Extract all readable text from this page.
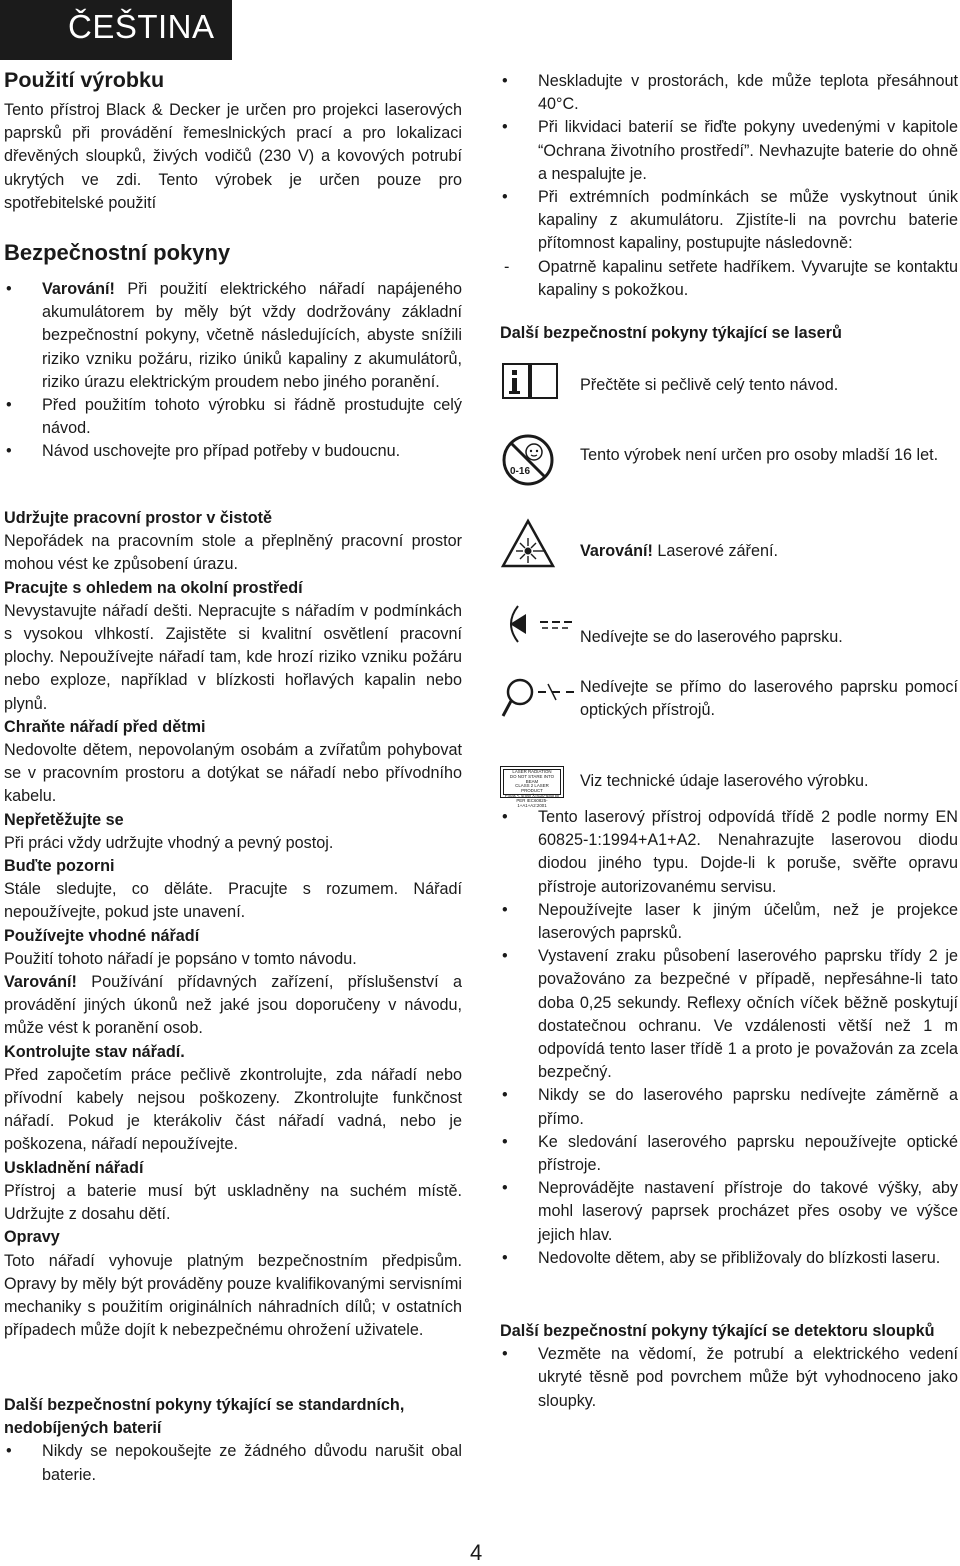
ČEŠTINA
Použití výrobku

Tento přístroj Black & Decker je určen pro projekci laserových paprsků při provádění řemeslnických prací a pro lokalizaci dřevěných sloupků, živých vodičů (230 V) a kovových potrubí ukrytých ve zdi. Tento výrobek je určen pouze pro spotřebitelské použití

Bezpečnostní pokyny
• Varování! Při použití elektrického nářadí napájeného akumulátorem by měly být vždy dodržovány základní bezpečnostní pokyny, včetně následujících, abyste snížili riziko vzniku požáru, riziko úniků kapaliny z akumulátorů, riziko úrazu elektrickým proudem nebo jiného poranění.
• Před použitím tohoto výrobku si řádně prostudujte celý návod.
• Návod uschovejte pro případ potřeby v budoucnu.

Udržujte pracovní prostor v čistotě

Nepořádek na pracovním stole a přeplněný pracovní prostor mohou vést ke způsobení úrazu.

Pracujte s ohledem na okolní prostředí

Nevystavujte nářadí dešti. Nepracujte s nářadím v podmínkách s vysokou vlhkostí. Zajistěte si kvalitní osvětlení pracovní plochy. Nepoužívejte nářadí tam, kde hrozí riziko vzniku požáru nebo exploze, například v blízkosti hořlavých kapalin nebo plynů.

Chraňte nářadí před dětmi

Nedovolte dětem, nepovolaným osobám a zvířatům pohybovat se v pracovním prostoru a dotýkat se nářadí nebo přívodního kabelu.

Nepřetěžujte se

Při práci vždy udržujte vhodný a pevný postoj.

Buďte pozorni

Stále sledujte, co děláte. Pracujte s rozumem. Nářadí nepoužívejte, pokud jste unavení.

Používejte vhodné nářadí

Použití tohoto nářadí je popsáno v tomto návodu.

Varování! Používání přídavných zařízení, příslušenství a provádění jiných úkonů než jaké jsou doporučeny v návodu, může vést k poranění osob.

Kontrolujte stav nářadí.

Před započetím práce pečlivě zkontrolujte, zda nářadí nebo přívodní kabely nejsou poškozeny. Zkontrolujte funkčnost nářadí. Pokud je kterákoliv část nářadí vadná, nebo je poškozena, nářadí nepoužívejte.

Uskladnění nářadí

Přístroj a baterie musí být uskladněny na suchém místě. Udržujte z dosahu dětí.

Opravy

Toto nářadí vyhovuje platným bezpečnostním předpisům. Opravy by měly být prováděny pouze kvalifikovanými servisními mechaniky s použitím originálních náhradních dílů; v ostatních případech může dojít k nebezpečnému ohrožení uživatele.

Další bezpečnostní pokyny týkající se standardních, nedobíjených baterií

• Nikdy se nepokoušejte ze žádného důvodu narušit obal baterie.
• Neskladujte v prostorách, kde může teplota přesáhnout 40°C.
• Při likvidaci baterií se řiďte pokyny uvedenými v kapitole “Ochrana životního prostředí”. Nevhazujte baterie do ohně a nespalujte je.
• Při extrémních podmínkách se může vyskytnout únik kapaliny z akumulátoru. Zjistíte-li na povrchu baterie přítomnost kapaliny, postupujte následovně:
- Opatrně kapalinu setřete hadříkem. Vyvarujte se kontaktu kapaliny s pokožkou.

Další bezpečnostní pokyny týkající se laserů

Přečtěte si pečlivě celý tento návod.
0-16
Tento výrobek není určen pro osoby mladší 16 let.
Varování! Laserové záření.
Nedívejte se do laserového paprsku.
Nedívejte se přímo do laserového paprsku pomocí optických přístrojů.
LASER RADIATION
DO NOT STARE INTO BEAM
CLASS 2 LASER PRODUCT
Pmax < 4mW λ=630-680nm
PER IEC60825-1+A1+A2:2001
Viz technické údaje laserového výrobku.
• Tento laserový přístroj odpovídá třídě 2 podle normy EN 60825-1:1994+A1+A2. Nenahrazujte laserovou diodu diodou jiného typu. Dojde-li k poruše, svěřte opravu přístroje autorizovanému servisu.
• Nepoužívejte laser k jiným účelům, než je projekce laserových paprsků.
• Vystavení zraku působení laserového paprsku třídy 2 je považováno za bezpečné v případě, nepřesáhne-li tato doba 0,25 sekundy. Reflexy očních víček běžně poskytují dostatečnou ochranu. Ve vzdálenosti větší než 1 m odpovídá tento laser třídě 1 a proto je považován za zcela bezpečný.
• Nikdy se do laserového paprsku nedívejte záměrně a přímo.
• Ke sledování laserového paprsku nepoužívejte optické přístroje.
• Neprovádějte nastavení přístroje do takové výšky, aby mohl laserový paprsek procházet přes osoby ve výšce jejich hlav.
• Nedovolte dětem, aby se přibližovaly do blízkosti laseru.

Další bezpečnostní pokyny týkající se detektoru sloupků

• Vezměte na vědomí, že potrubí a elektrického vedení ukryté těsně pod povrchem může být vyhodnoceno jako sloupky.
4
